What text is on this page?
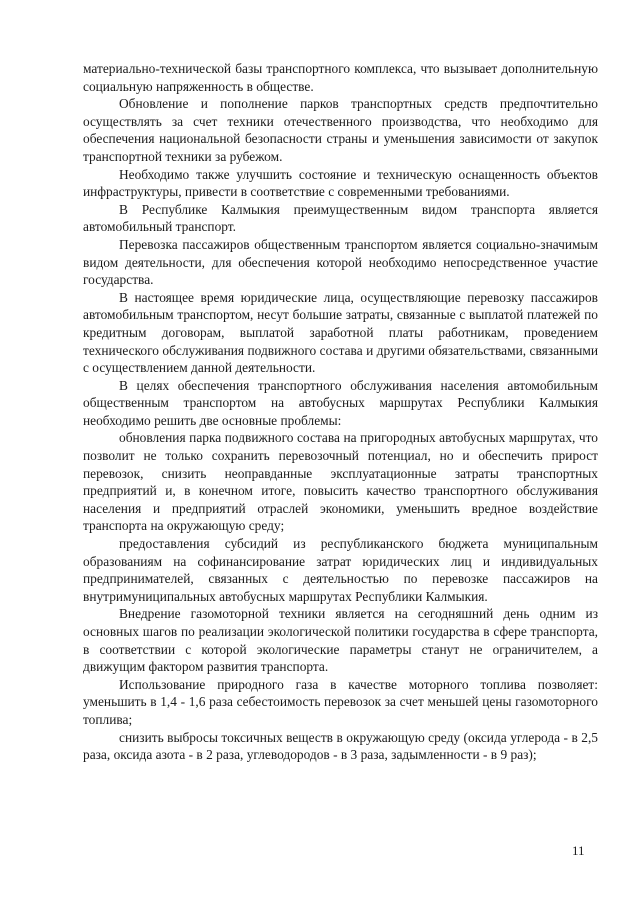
материально-технической базы транспортного комплекса, что вызывает дополнительную социальную напряженность в обществе.

Обновление и пополнение парков транспортных средств предпочтительно осуществлять за счет техники отечественного производства, что необходимо для обеспечения национальной безопасности страны и уменьшения зависимости от закупок транспортной техники за рубежом.

Необходимо также улучшить состояние и техническую оснащенность объектов инфраструктуры, привести в соответствие с современными требованиями.

В Республике Калмыкия преимущественным видом транспорта является автомобильный транспорт.

Перевозка пассажиров общественным транспортом является социально-значимым видом деятельности, для обеспечения которой необходимо непосредственное участие государства.

В настоящее время юридические лица, осуществляющие перевозку пассажиров автомобильным транспортом, несут большие затраты, связанные с выплатой платежей по кредитным договорам, выплатой заработной платы работникам, проведением технического обслуживания подвижного состава и другими обязательствами, связанными с осуществлением данной деятельности.

В целях обеспечения транспортного обслуживания населения автомобильным общественным транспортом на автобусных маршрутах Республики Калмыкия необходимо решить две основные проблемы:

обновления парка подвижного состава на пригородных автобусных маршрутах, что позволит не только сохранить перевозочный потенциал, но и обеспечить прирост перевозок, снизить неоправданные эксплуатационные затраты транспортных предприятий и, в конечном итоге, повысить качество транспортного обслуживания населения и предприятий отраслей экономики, уменьшить вредное воздействие транспорта на окружающую среду;

предоставления субсидий из республиканского бюджета муниципальным образованиям на софинансирование затрат юридических лиц и индивидуальных предпринимателей, связанных с деятельностью по перевозке пассажиров на внутримуниципальных автобусных маршрутах Республики Калмыкия.

Внедрение газомоторной техники является на сегодняшний день одним из основных шагов по реализации экологической политики государства в сфере транспорта, в соответствии с которой экологические параметры станут не ограничителем, а движущим фактором развития транспорта.

Использование природного газа в качестве моторного топлива позволяет: уменьшить в 1,4 - 1,6 раза себестоимость перевозок за счет меньшей цены газомоторного топлива;

снизить выбросы токсичных веществ в окружающую среду (оксида углерода - в 2,5 раза, оксида азота - в 2 раза, углеводородов - в 3 раза, задымленности - в 9 раз);

11
